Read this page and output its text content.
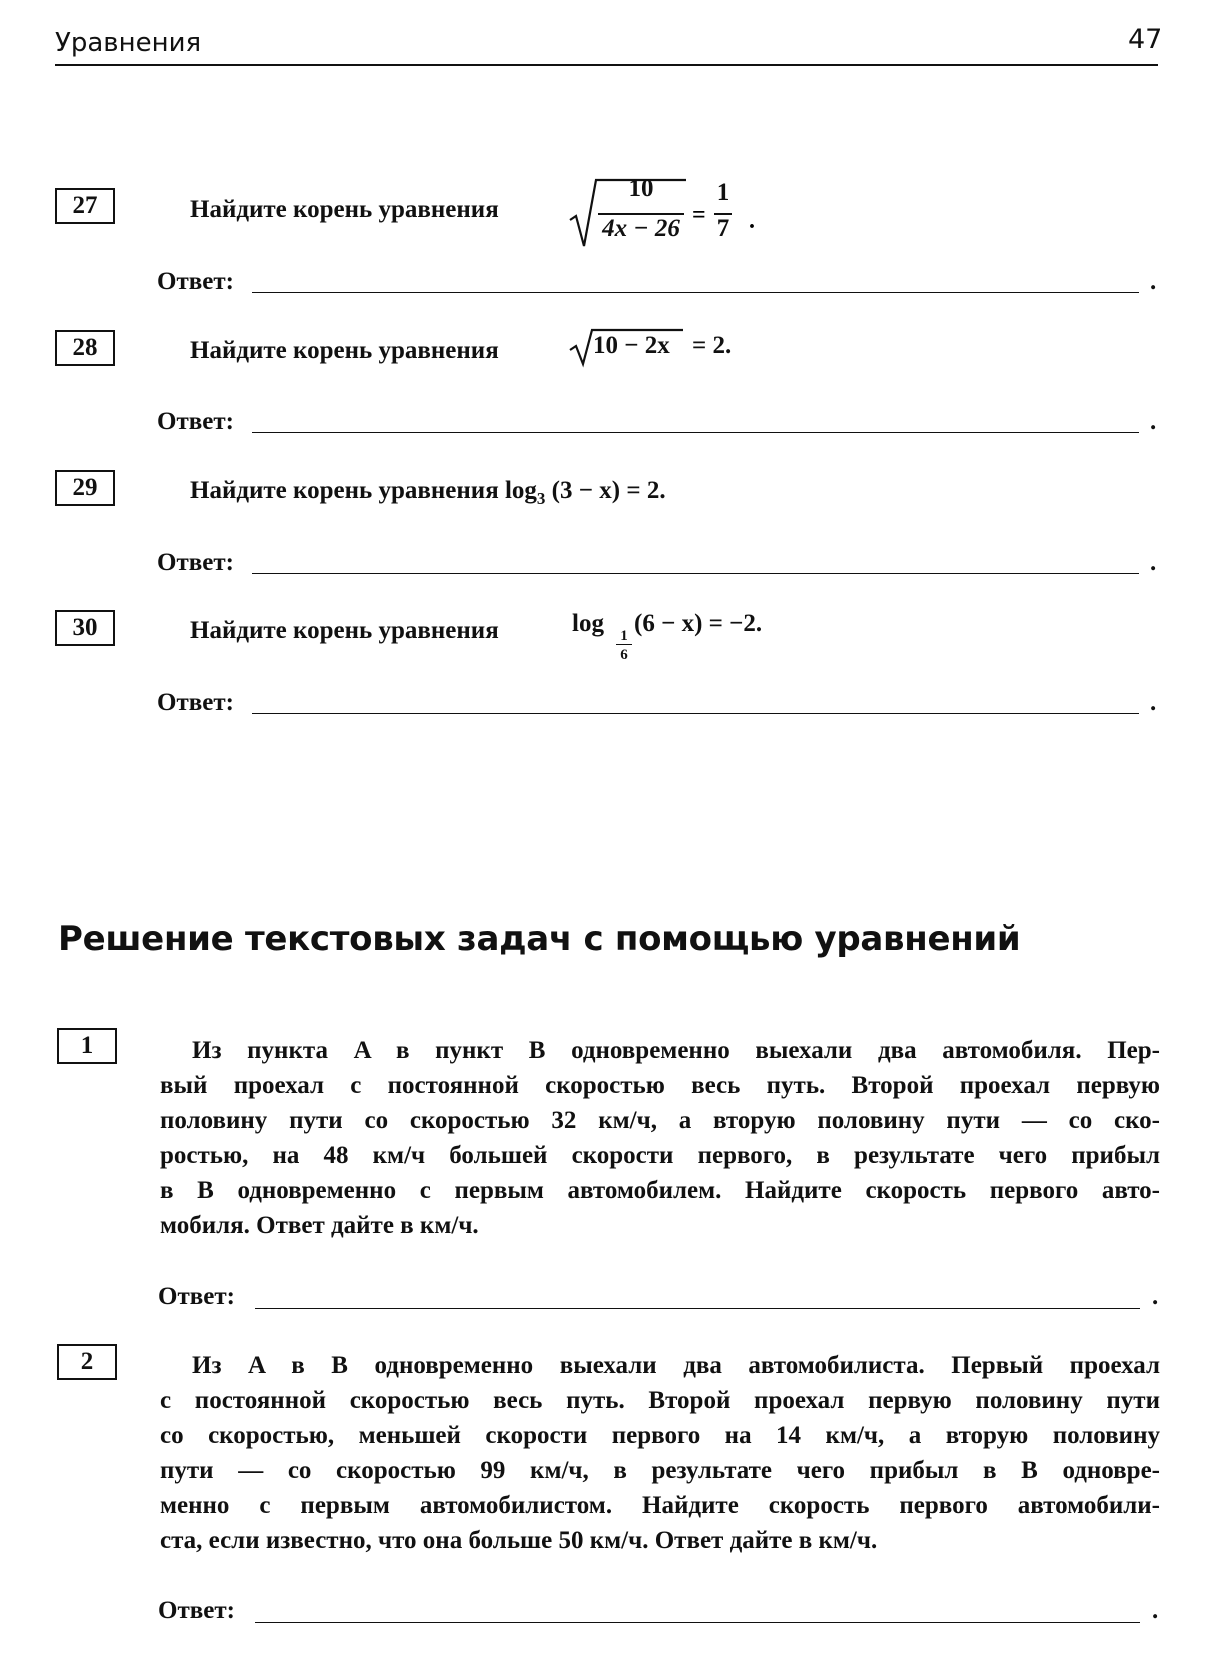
Уравнения	47
27	Найдите корень уравнения	= .
10
4x − 26
1
7
Ответ:	.
28	Найдите корень уравнения	10 − 2x = 2.
Ответ:	.
29	Найдите корень уравнения $\log_3 (3 - x) = 2$.
Ответ:	.
30	Найдите корень уравнения	log 1
6
(6 − x) = −2.
Ответ:	.
Решение текстовых задач с помощью уравнений
1	Из пункта A в пункт B одновременно выехали два автомобиля. Пер-
вый проехал с постоянной скоростью весь путь. Второй проехал первую
половину пути со скоростью 32 км/ч, а вторую половину пути — со ско-
ростью, на 48 км/ч большей скорости первого, в результате чего прибыл
в B одновременно с первым автомобилем. Найдите скорость первого авто-
мобиля. Ответ дайте в км/ч.
Ответ:	.
2	Из A в B одновременно выехали два автомобилиста. Первый проехал
с постоянной скоростью весь путь. Второй проехал первую половину пути
со скоростью, меньшей скорости первого на 14 км/ч, а вторую половину
пути — со скоростью 99 км/ч, в результате чего прибыл в B одновре-
менно с первым автомобилистом. Найдите скорость первого автомобили-
ста, если известно, что она больше 50 км/ч. Ответ дайте в км/ч.
Ответ:	.
